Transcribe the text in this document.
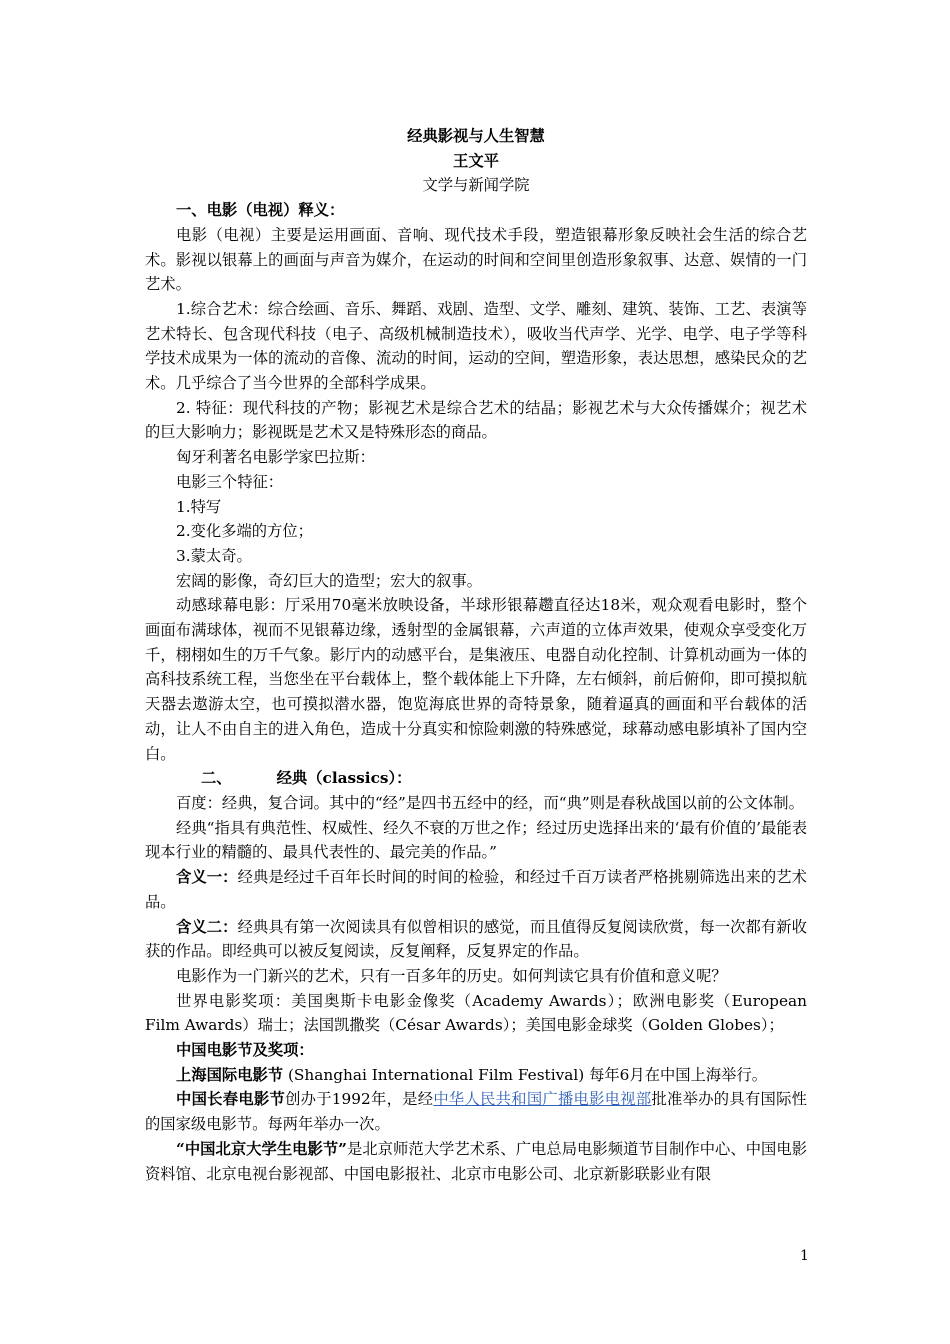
经典影视与人生智慧
王文平
文学与新闻学院

一、电影（电视）释义：

电影（电视）主要是运用画面、音响、现代技术手段，塑造银幕形象反映社会生活的综合艺术。影视以银幕上的画面与声音为媒介，在运动的时间和空间里创造形象叙事、达意、娱情的一门艺术。

1.综合艺术：综合绘画、音乐、舞蹈、戏剧、造型、文学、雕刻、建筑、装饰、工艺、表演等艺术特长、包含现代科技（电子、高级机械制造技术），吸收当代声学、光学、电学、电子学等科学技术成果为一体的流动的音像、流动的时间，运动的空间，塑造形象，表达思想，感染民众的艺术。几乎综合了当今世界的全部科学成果。

2. 特征：现代科技的产物；影视艺术是综合艺术的结晶；影视艺术与大众传播媒介；视艺术的巨大影响力；影视既是艺术又是特殊形态的商品。

匈牙利著名电影学家巴拉斯：

电影三个特征：

1.特写

2.变化多端的方位；

3.蒙太奇。

宏阔的影像，奇幻巨大的造型；宏大的叙事。

动感球幕电影：厅采用70毫米放映设备，半球形银幕趱直径达18米，观众观看电影时，整个画面布满球体，视而不见银幕边缘，透射型的金属银幕，六声道的立体声效果，使观众享受变化万千，栩栩如生的万千气象。影厅内的动感平台，是集液压、电器自动化控制、计算机动画为一体的高科技系统工程，当您坐在平台载体上，整个载体能上下升降，左右倾斜，前后俯仰，即可摸拟航天器去遨游太空，也可摸拟潜水器，饱览海底世界的奇特景象，随着逼真的画面和平台载体的活动，让人不由自主的进入角色，造成十分真实和惊险刺激的特殊感觉，球幕动感电影填补了国内空白。

二、	经典（classics）：

百度：经典，复合词。其中的“经”是四书五经中的经，而“典”则是春秋战国以前的公文体制。

经典“指具有典范性、权威性、经久不衰的万世之作；经过历史选择出来的‘最有价值的’最能表现本行业的精髓的、最具代表性的、最完美的作品。”

含义一：经典是经过千百年长时间的时间的检验，和经过千百万读者严格挑剔筛选出来的艺术品。

含义二：经典具有第一次阅读具有似曾相识的感觉，而且值得反复阅读欣赏，每一次都有新收获的作品。即经典可以被反复阅读，反复阐释，反复界定的作品。

电影作为一门新兴的艺术，只有一百多年的历史。如何判读它具有价值和意义呢？

世界电影奖项：美国奥斯卡电影金像奖（Academy Awards）；欧洲电影奖（European Film Awards）瑞士；法国凯撒奖（César Awards）；美国电影金球奖（Golden Globes）；

中国电影节及奖项：

上海国际电影节 (Shanghai International Film Festival) 每年6月在中国上海举行。

中国长春电影节创办于1992年，是经中华人民共和国广播电影电视部批准举办的具有国际性的国家级电影节。每两年举办一次。

“中国北京大学生电影节”是北京师范大学艺术系、广电总局电影频道节目制作中心、中国电影资料馆、北京电视台影视部、中国电影报社、北京市电影公司、北京新影联影业有限

1
